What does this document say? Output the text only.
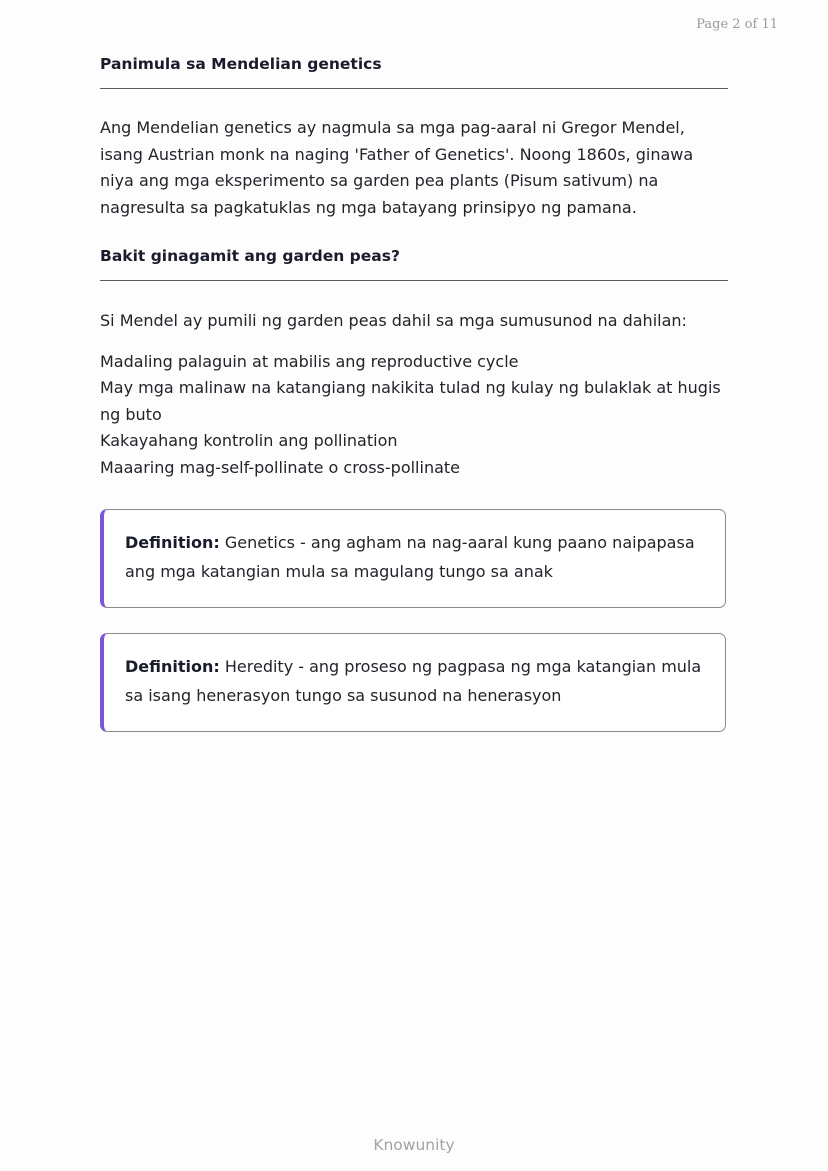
Page 2 of 11
Panimula sa Mendelian genetics

Ang Mendelian genetics ay nagmula sa mga pag-aaral ni Gregor Mendel, isang Austrian monk na naging 'Father of Genetics'. Noong 1860s, ginawa niya ang mga eksperimento sa garden pea plants (Pisum sativum) na nagresulta sa pagkatuklas ng mga batayang prinsipyo ng pamana.

Bakit ginagamit ang garden peas?

Si Mendel ay pumili ng garden peas dahil sa mga sumusunod na dahilan:

Madaling palaguin at mabilis ang reproductive cycle
May mga malinaw na katangiang nakikita tulad ng kulay ng bulaklak at hugis ng buto
Kakayahang kontrolin ang pollination
Maaaring mag-self-pollinate o cross-pollinate

Definition: Genetics - ang agham na nag-aaral kung paano naipapasa ang mga katangian mula sa magulang tungo sa anak

Definition: Heredity - ang proseso ng pagpasa ng mga katangian mula sa isang henerasyon tungo sa susunod na henerasyon

Knowunity
